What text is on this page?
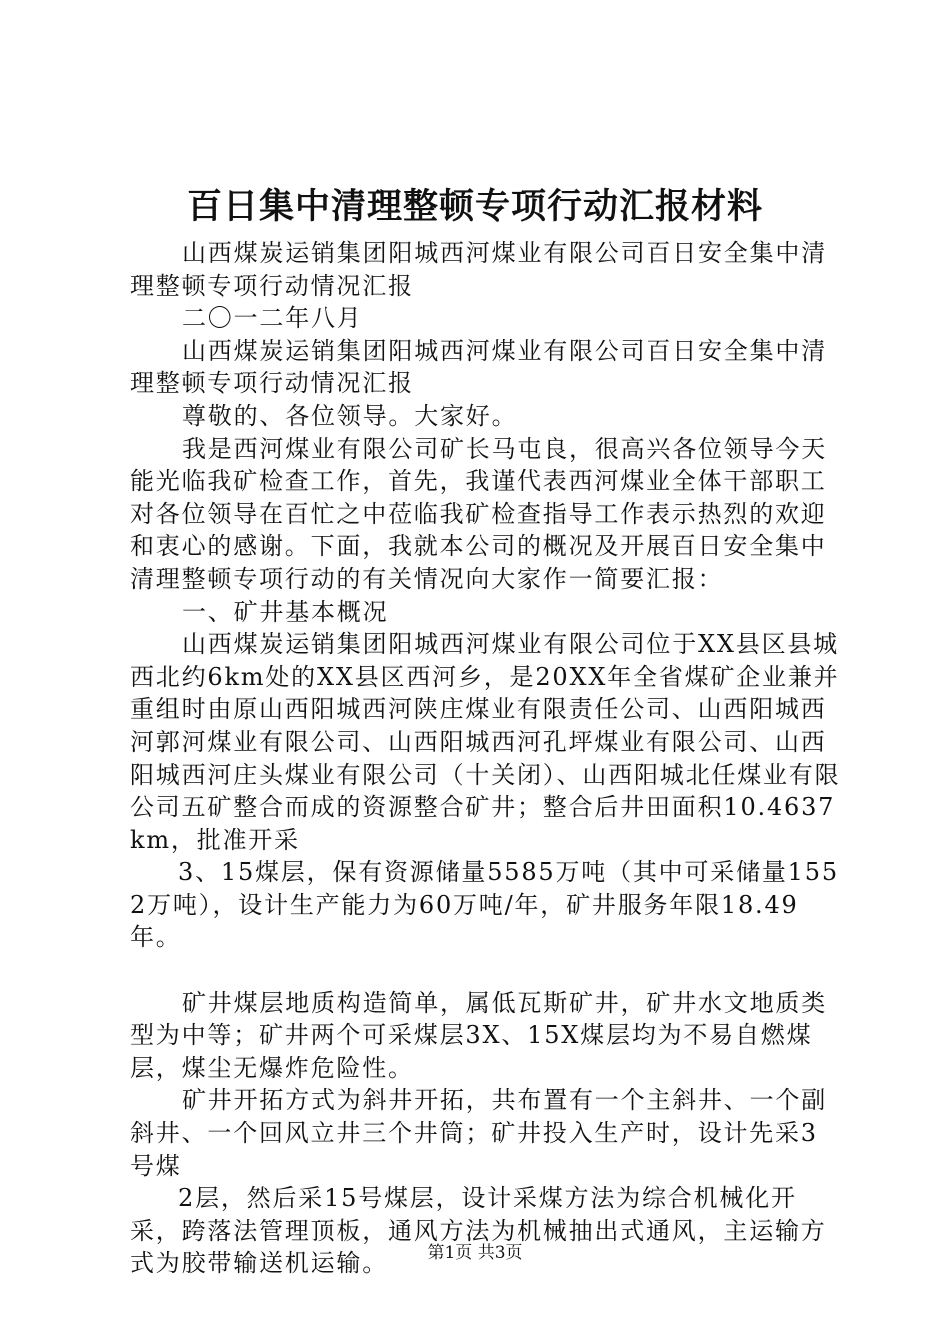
百日集中清理整顿专项行动汇报材料

山西煤炭运销集团阳城西河煤业有限公司百日安全集中清理整顿专项行动情况汇报

二〇一二年八月

山西煤炭运销集团阳城西河煤业有限公司百日安全集中清理整顿专项行动情况汇报

尊敬的、各位领导。大家好。

我是西河煤业有限公司矿长马屯良，很高兴各位领导今天能光临我矿检查工作，首先，我谨代表西河煤业全体干部职工对各位领导在百忙之中莅临我矿检查指导工作表示热烈的欢迎和衷心的感谢。下面，我就本公司的概况及开展百日安全集中清理整顿专项行动的有关情况向大家作一简要汇报：

一、矿井基本概况

山西煤炭运销集团阳城西河煤业有限公司位于XX县区县城西北约6km处的XX县区西河乡，是20XX年全省煤矿企业兼并重组时由原山西阳城西河陕庄煤业有限责任公司、山西阳城西河郭河煤业有限公司、山西阳城西河孔坪煤业有限公司、山西阳城西河庄头煤业有限公司（十关闭）、山西阳城北任煤业有限公司五矿整合而成的资源整合矿井；整合后井田面积10.4637km，批准开采

3、15煤层，保有资源储量5585万吨（其中可采储量1552万吨），设计生产能力为60万吨/年，矿井服务年限18.49年。

矿井煤层地质构造简单，属低瓦斯矿井，矿井水文地质类型为中等；矿井两个可采煤层3X、15X煤层均为不易自燃煤层，煤尘无爆炸危险性。

矿井开拓方式为斜井开拓，共布置有一个主斜井、一个副斜井、一个回风立井三个井筒；矿井投入生产时，设计先采3号煤

2层，然后采15号煤层，设计采煤方法为综合机械化开采，跨落法管理顶板，通风方法为机械抽出式通风，主运输方式为胶带输送机运输。	第1页 共3页
